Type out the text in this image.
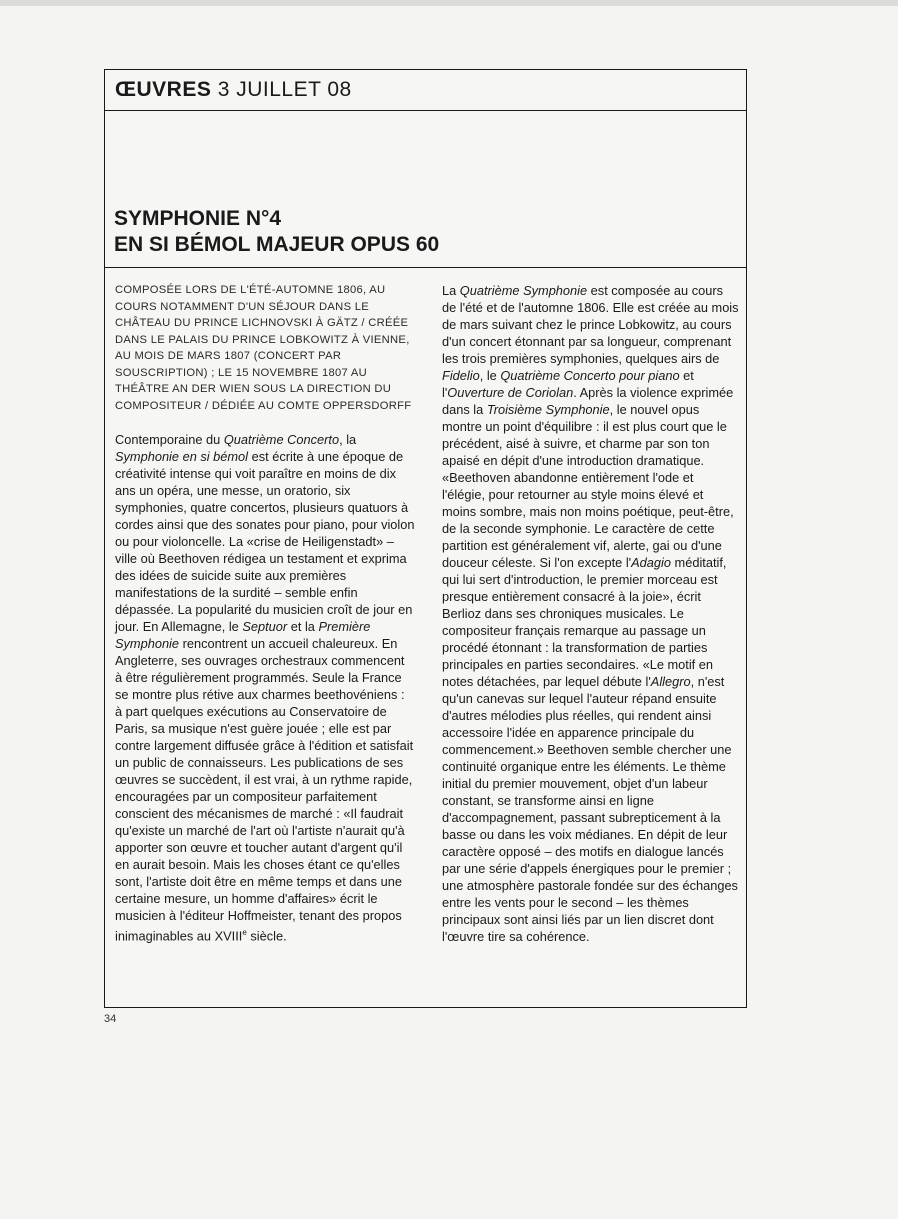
ŒUVRES 3 JUILLET 08
SYMPHONIE N°4
EN SI BÉMOL MAJEUR OPUS 60
COMPOSÉE LORS DE L'ÉTÉ-AUTOMNE 1806, AU COURS NOTAMMENT D'UN SÉJOUR DANS LE CHÂTEAU DU PRINCE LICHNOVSKI À GÄTZ / CRÉÉE DANS LE PALAIS DU PRINCE LOBKOWITZ À VIENNE, AU MOIS DE MARS 1807 (CONCERT PAR SOUSCRIPTION) ; LE 15 NOVEMBRE 1807 AU THÉÂTRE AN DER WIEN SOUS LA DIRECTION DU COMPOSITEUR / DÉDIÉE AU COMTE OPPERSDORFF

Contemporaine du Quatrième Concerto, la Symphonie en si bémol est écrite à une époque de créativité intense qui voit paraître en moins de dix ans un opéra, une messe, un oratorio, six symphonies, quatre concertos, plusieurs quatuors à cordes ainsi que des sonates pour piano, pour violon ou pour violoncelle. La «crise de Heiligenstadt» – ville où Beethoven rédigea un testament et exprima des idées de suicide suite aux premières manifestations de la surdité – semble enfin dépassée. La popularité du musicien croît de jour en jour. En Allemagne, le Septuor et la Première Symphonie rencontrent un accueil chaleureux. En Angleterre, ses ouvrages orchestraux commencent à être régulièrement programmés. Seule la France se montre plus rétive aux charmes beethovéniens : à part quelques exécutions au Conservatoire de Paris, sa musique n'est guère jouée ; elle est par contre largement diffusée grâce à l'édition et satisfait un public de connaisseurs. Les publications de ses œuvres se succèdent, il est vrai, à un rythme rapide, encouragées par un compositeur parfaitement conscient des mécanismes de marché : «Il faudrait qu'existe un marché de l'art où l'artiste n'aurait qu'à apporter son œuvre et toucher autant d'argent qu'il en aurait besoin. Mais les choses étant ce qu'elles sont, l'artiste doit être en même temps et dans une certaine mesure, un homme d'affaires» écrit le musicien à l'éditeur Hoffmeister, tenant des propos inimaginables au XVIIIe siècle.

La Quatrième Symphonie est composée au cours de l'été et de l'automne 1806. Elle est créée au mois de mars suivant chez le prince Lobkowitz, au cours d'un concert étonnant par sa longueur, comprenant les trois premières symphonies, quelques airs de Fidelio, le Quatrième Concerto pour piano et l'Ouverture de Coriolan. Après la violence exprimée dans la Troisième Symphonie, le nouvel opus montre un point d'équilibre : il est plus court que le précédent, aisé à suivre, et charme par son ton apaisé en dépit d'une introduction dramatique. «Beethoven abandonne entièrement l'ode et l'élégie, pour retourner au style moins élevé et moins sombre, mais non moins poétique, peut-être, de la seconde symphonie. Le caractère de cette partition est généralement vif, alerte, gai ou d'une douceur céleste. Si l'on excepte l'Adagio méditatif, qui lui sert d'introduction, le premier morceau est presque entièrement consacré à la joie», écrit Berlioz dans ses chroniques musicales. Le compositeur français remarque au passage un procédé étonnant : la transformation de parties principales en parties secondaires. «Le motif en notes détachées, par lequel débute l'Allegro, n'est qu'un canevas sur lequel l'auteur répand ensuite d'autres mélodies plus réelles, qui rendent ainsi accessoire l'idée en apparence principale du commencement.» Beethoven semble chercher une continuité organique entre les éléments. Le thème initial du premier mouvement, objet d'un labeur constant, se transforme ainsi en ligne d'accompagnement, passant subrepticement à la basse ou dans les voix médianes. En dépit de leur caractère opposé – des motifs en dialogue lancés par une série d'appels énergiques pour le premier ; une atmosphère pastorale fondée sur des échanges entre les vents pour le second – les thèmes principaux sont ainsi liés par un lien discret dont l'œuvre tire sa cohérence.

34
